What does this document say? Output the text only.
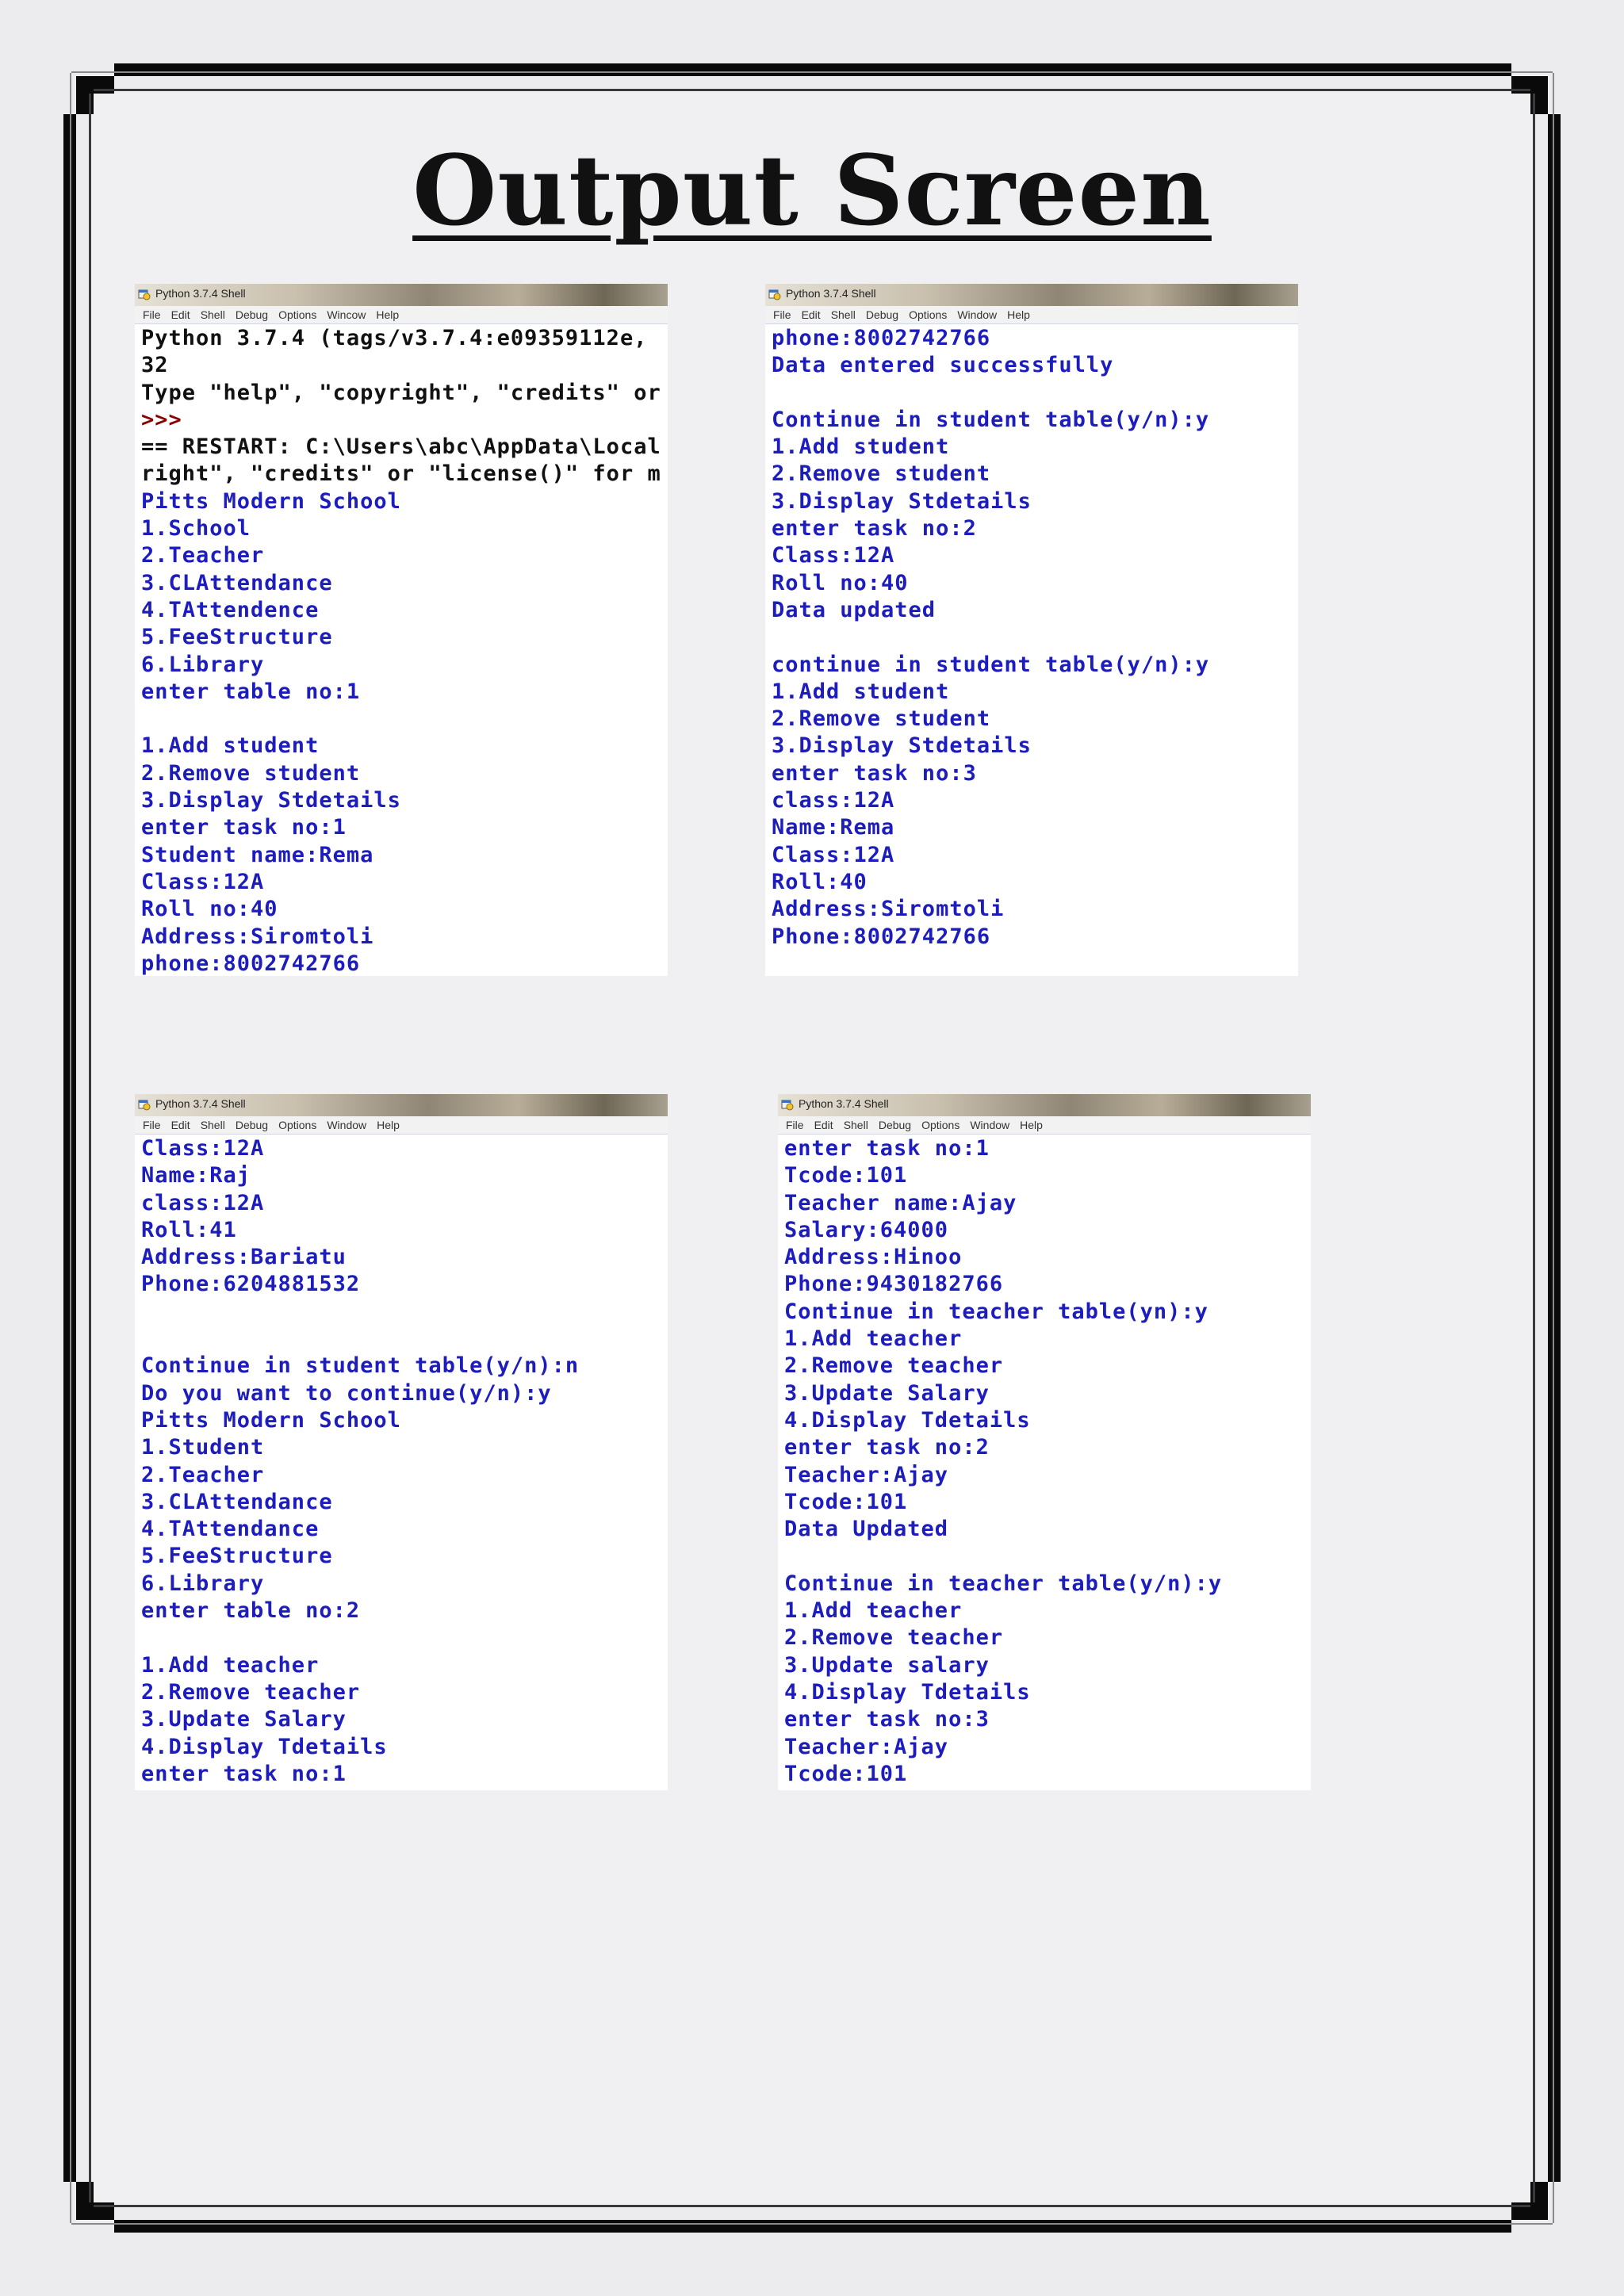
Output Screen
Python 3.7.4 Shell
File Edit Shell Debug Options Wincow Help
Python 3.7.4 (tags/v3.7.4:e09359112e,
32
Type "help", "copyright", "credits" or
>>>
== RESTART: C:\Users\abc\AppData\Local
right", "credits" or "license()" for m
Pitts Modern School
1.School
2.Teacher
3.CLAttendance
4.TAttendence
5.FeeStructure
6.Library
enter table no:1
1.Add student
2.Remove student
3.Display Stdetails
enter task no:1
Student name:Rema
Class:12A
Roll no:40
Address:Siromtoli
phone:8002742766
Python 3.7.4 Shell
File Edit Shell Debug Options Window Help
phone:8002742766
Data entered successfully
Continue in student table(y/n):y
1.Add student
2.Remove student
3.Display Stdetails
enter task no:2
Class:12A
Roll no:40
Data updated
continue in student table(y/n):y
1.Add student
2.Remove student
3.Display Stdetails
enter task no:3
class:12A
Name:Rema
Class:12A
Roll:40
Address:Siromtoli
Phone:8002742766
Python 3.7.4 Shell
File Edit Shell Debug Options Window Help
Class:12A
Name:Raj
class:12A
Roll:41
Address:Bariatu
Phone:6204881532
Continue in student table(y/n):n
Do you want to continue(y/n):y
Pitts Modern School
1.Student
2.Teacher
3.CLAttendance
4.TAttendance
5.FeeStructure
6.Library
enter table no:2
1.Add teacher
2.Remove teacher
3.Update Salary
4.Display Tdetails
enter task no:1
Python 3.7.4 Shell
File Edit Shell Debug Options Window Help
enter task no:1
Tcode:101
Teacher name:Ajay
Salary:64000
Address:Hinoo
Phone:9430182766
Continue in teacher table(yn):y
1.Add teacher
2.Remove teacher
3.Update Salary
4.Display Tdetails
enter task no:2
Teacher:Ajay
Tcode:101
Data Updated
Continue in teacher table(y/n):y
1.Add teacher
2.Remove teacher
3.Update salary
4.Display Tdetails
enter task no:3
Teacher:Ajay
Tcode:101
